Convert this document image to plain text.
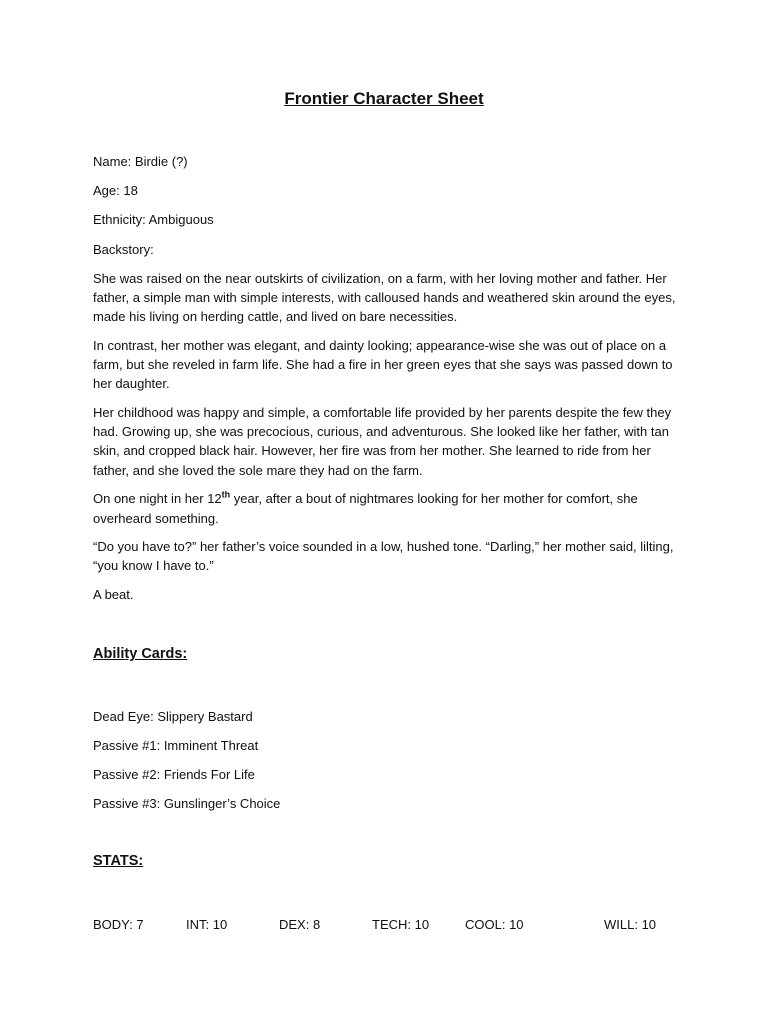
Frontier Character Sheet

Name: Birdie (?)

Age: 18

Ethnicity: Ambiguous

Backstory:

She was raised on the near outskirts of civilization, on a farm, with her loving mother and father. Her father, a simple man with simple interests, with calloused hands and weathered skin around the eyes, made his living on herding cattle, and lived on bare necessities.

In contrast, her mother was elegant, and dainty looking; appearance-wise she was out of place on a farm, but she reveled in farm life. She had a fire in her green eyes that she says was passed down to her daughter.

Her childhood was happy and simple, a comfortable life provided by her parents despite the few they had. Growing up, she was precocious, curious, and adventurous. She looked like her father, with tan skin, and cropped black hair. However, her fire was from her mother. She learned to ride from her father, and she loved the sole mare they had on the farm.

On one night in her 12th year, after a bout of nightmares looking for her mother for comfort, she overheard something.

“Do you have to?” her father’s voice sounded in a low, hushed tone. “Darling,” her mother said, lilting, “you know I have to.”

A beat.

Ability Cards:

Dead Eye: Slippery Bastard

Passive #1: Imminent Threat

Passive #2: Friends For Life

Passive #3: Gunslinger’s Choice

STATS:

BODY: 7	INT: 10	DEX: 8	TECH: 10	COOL: 10	WILL: 10
